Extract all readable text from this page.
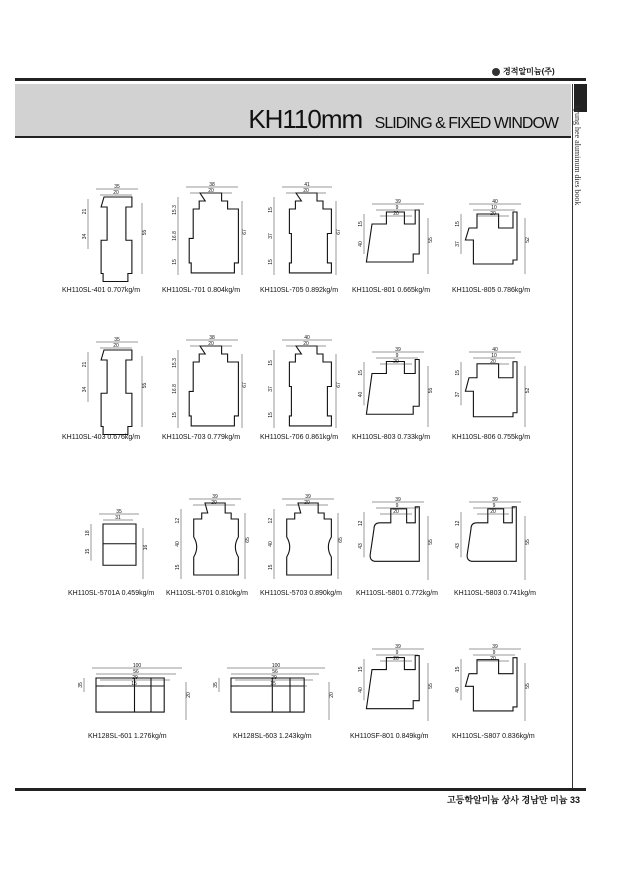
경적알미늄(주)
KH110mm SLIDING & FIXED WINDOW kyung hee aluminum dies book
고등학알미늄 상사 경남만 미늄 33
35
20
21
34
55
KH110SL-401 0.707kg/m
38
20
15.3
16.8
15
67
KH110SL-701 0.804kg/m
41
20
15
37
15
67
KH110SL-705 0.892kg/m
39
9
20
15
40
55
KH110SL-801 0.665kg/m
40
10
20
15
37
52
KH110SL-805 0.786kg/m
35
20
21
34
55
KH110SL-403 0.676kg/m
38
20
15.3
16.8
15
67
KH110SL-703 0.779kg/m
40
20
15
37
15
67
KH110SL-706 0.861kg/m
39
9
20
15
40
55
KH110SL-803 0.733kg/m
40
10
20
15
37
52
KH110SL-806 0.755kg/m
35
31
18
15
16
KH110SL-5701A 0.459kg/m
39
20
12
40
15
65
KH110SL-5701 0.810kg/m
39
20
12
40
15
65
KH110SL-5703 0.890kg/m
39
9
20
12
43
55
KH110SL-5801 0.772kg/m
39
9
20
12
43
55
KH110SL-5803 0.741kg/m
100
56
29
15
35
20
KH128SL-601 1.276kg/m
100
56
29
15
35
20
KH128SL-603 1.243kg/m
39
9
20
15
40
55
KH110SF-801 0.849kg/m
39
9
20
15
40
55
KH110SL-S807 0.836kg/m
